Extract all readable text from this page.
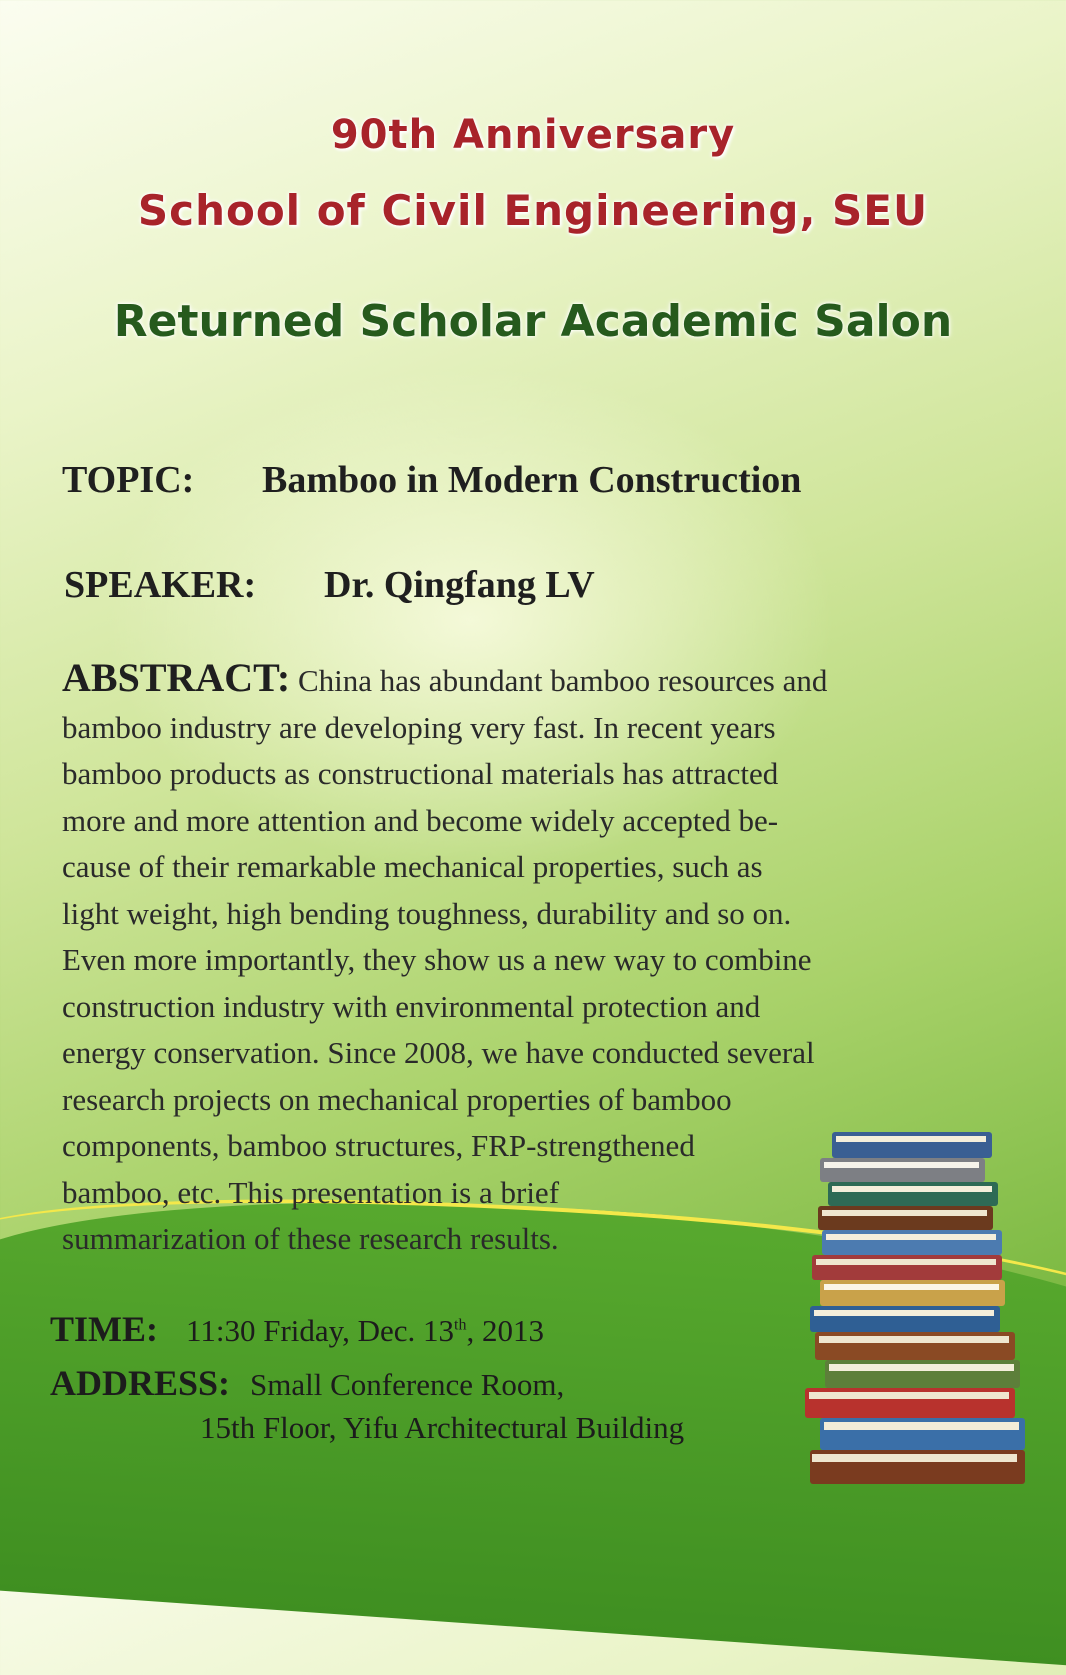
90th Anniversary
School of Civil Engineering, SEU
Returned Scholar Academic Salon
TOPIC: Bamboo in Modern Construction
SPEAKER: Dr. Qingfang LV
ABSTRACT: China has abundant bamboo resources and
bamboo industry are developing very fast. In recent years
bamboo products as constructional materials has attracted
more and more attention and become widely accepted be-
cause of their remarkable mechanical properties, such as
light weight, high bending toughness, durability and so on.
Even more importantly, they show us a new way to combine
construction industry with environmental protection and
energy conservation. Since 2008, we have conducted several
research projects on mechanical properties of bamboo
components, bamboo structures, FRP-strengthened
bamboo, etc. This presentation is a brief
summarization of these research results.
TIME: 11:30 Friday, Dec. 13th, 2013
ADDRESS: Small Conference Room,
15th Floor, Yifu Architectural Building
